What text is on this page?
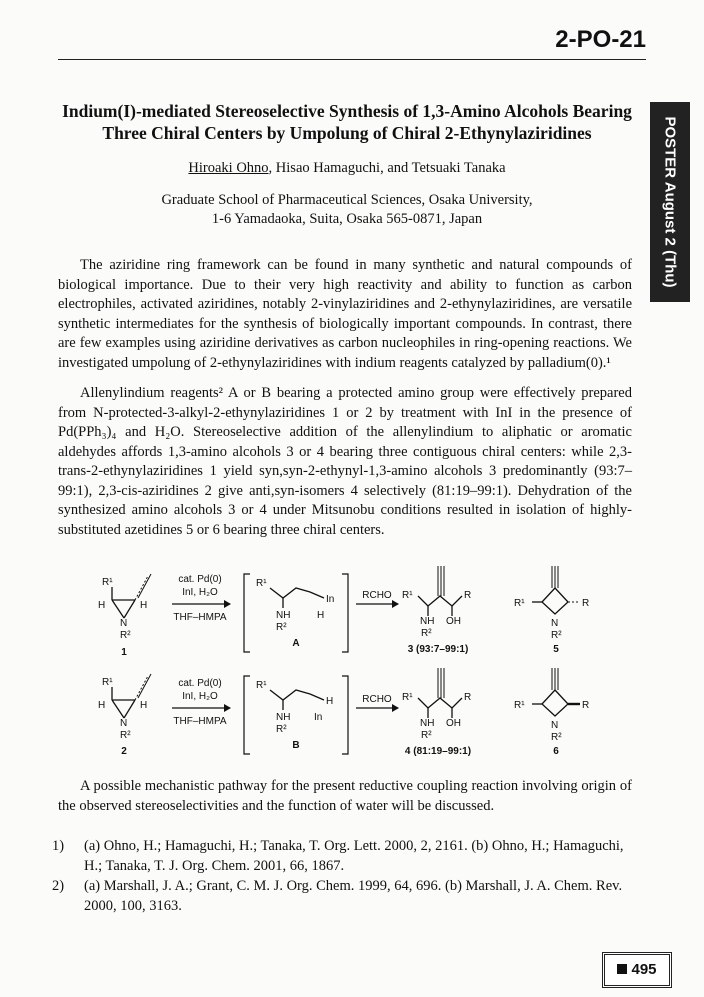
2-PO-21
POSTER August 2 (Thu)
Indium(I)-mediated Stereoselective Synthesis of 1,3-Amino Alcohols Bearing Three Chiral Centers by Umpolung of Chiral 2-Ethynylaziridines
Hiroaki Ohno, Hisao Hamaguchi, and Tetsuaki Tanaka
Graduate School of Pharmaceutical Sciences, Osaka University,
1-6 Yamadaoka, Suita, Osaka 565-0871, Japan
The aziridine ring framework can be found in many synthetic and natural compounds of biological importance. Due to their very high reactivity and ability to function as carbon electrophiles, activated aziridines, notably 2-vinylaziridines and 2-ethynylaziridines, are versatile synthetic intermediates for the synthesis of biologically important compounds. In contrast, there are few examples using aziridine derivatives as carbon nucleophiles in ring-opening reactions. We investigated umpolung of 2-ethynylaziridines with indium reagents catalyzed by palladium(0).¹
Allenylindium reagents² A or B bearing a protected amino group were effectively prepared from N-protected-3-alkyl-2-ethynylaziridines 1 or 2 by treatment with InI in the presence of Pd(PPh₃)₄ and H₂O. Stereoselective addition of the allenylindium to aliphatic or aromatic aldehydes affords 1,3-amino alcohols 3 or 4 bearing three contiguous chiral centers: while 2,3-trans-2-ethynylaziridines 1 yield syn,syn-2-ethynyl-1,3-amino alcohols 3 predominantly (93:7–99:1), 2,3-cis-aziridines 2 give anti,syn-isomers 4 selectively (81:19–99:1). Dehydration of the synthesized amino alcohols 3 or 4 under Mitsunobu conditions resulted in isolation of highly-substituted azetidines 5 or 6 bearing three chiral centers.
R¹
H	H
N
R²
1
cat. Pd(0)
InI, H₂O
THF–HMPA
R¹
In
NH
R²
H
A
RCHO R¹	R
NH OH
R²
3 (93:7–99:1)
R¹	R
N
R²
5
R¹
H	H
N
R²
2
cat. Pd(0)
InI, H₂O
THF–HMPA
R¹
H
NH
R²
In
B
RCHO R¹	R
NH OH
R²
4 (81:19–99:1)
R¹	R
N
R²
6
A possible mechanistic pathway for the present reductive coupling reaction involving origin of the observed stereoselectivities and the function of water will be discussed.
1) (a) Ohno, H.; Hamaguchi, H.; Tanaka, T. Org. Lett. 2000, 2, 2161. (b) Ohno, H.; Hamaguchi, H.; Tanaka, T. J. Org. Chem. 2001, 66, 1867.
2) (a) Marshall, J. A.; Grant, C. M. J. Org. Chem. 1999, 64, 696. (b) Marshall, J. A. Chem. Rev. 2000, 100, 3163.
495
